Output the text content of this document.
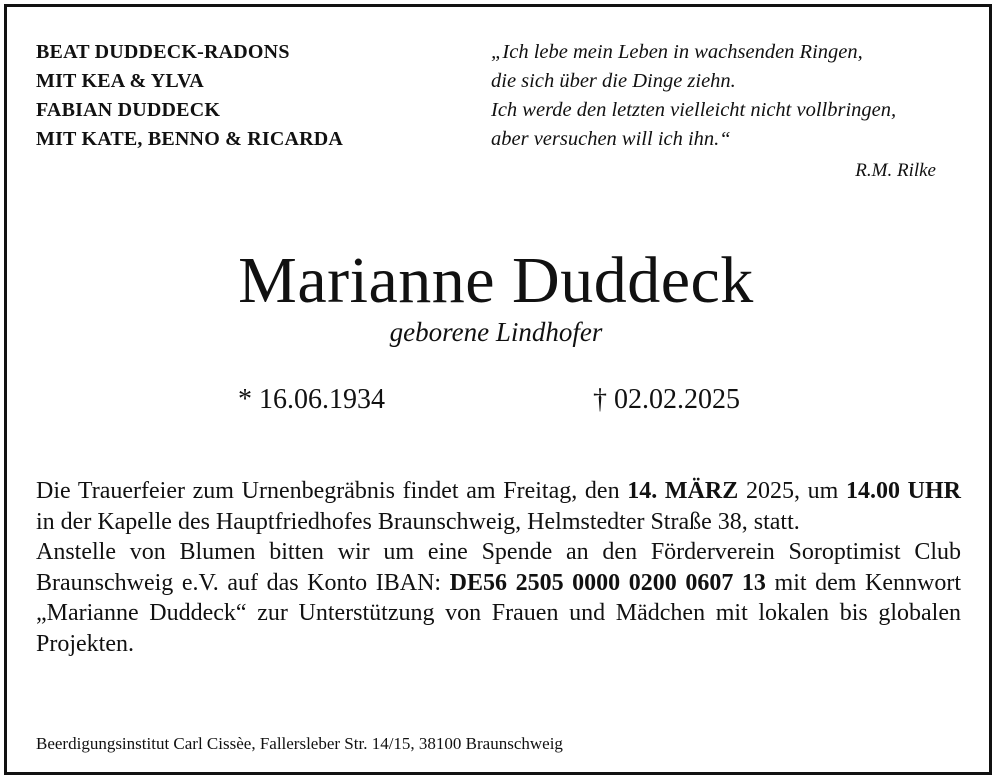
BEAT DUDDECK-RADONS
MIT KEA & YLVA
FABIAN DUDDECK
MIT KATE, BENNO & RICARDA
„Ich lebe mein Leben in wachsenden Ringen,
die sich über die Dinge ziehn.
Ich werde den letzten vielleicht nicht vollbringen,
aber versuchen will ich ihn.“
R.M. Rilke
Marianne Duddeck
geborene Lindhofer
* 16.06.1934	† 02.02.2025

Die Trauerfeier zum Urnenbegräbnis findet am Freitag, den 14. MÄRZ 2025, um 14.00 UHR in der Kapelle des Hauptfriedhofes Braunschweig, Helmstedter Straße 38, statt.

Anstelle von Blumen bitten wir um eine Spende an den Förderverein Soroptimist Club Braunschweig e.V. auf das Konto IBAN: DE56 2505 0000 0200 0607 13 mit dem Kennwort „Marianne Duddeck“ zur Unterstützung von Frauen und Mädchen mit lokalen bis globalen Projekten.

Beerdigungsinstitut Carl Cissèe, Fallersleber Str. 14/15, 38100 Braunschweig
